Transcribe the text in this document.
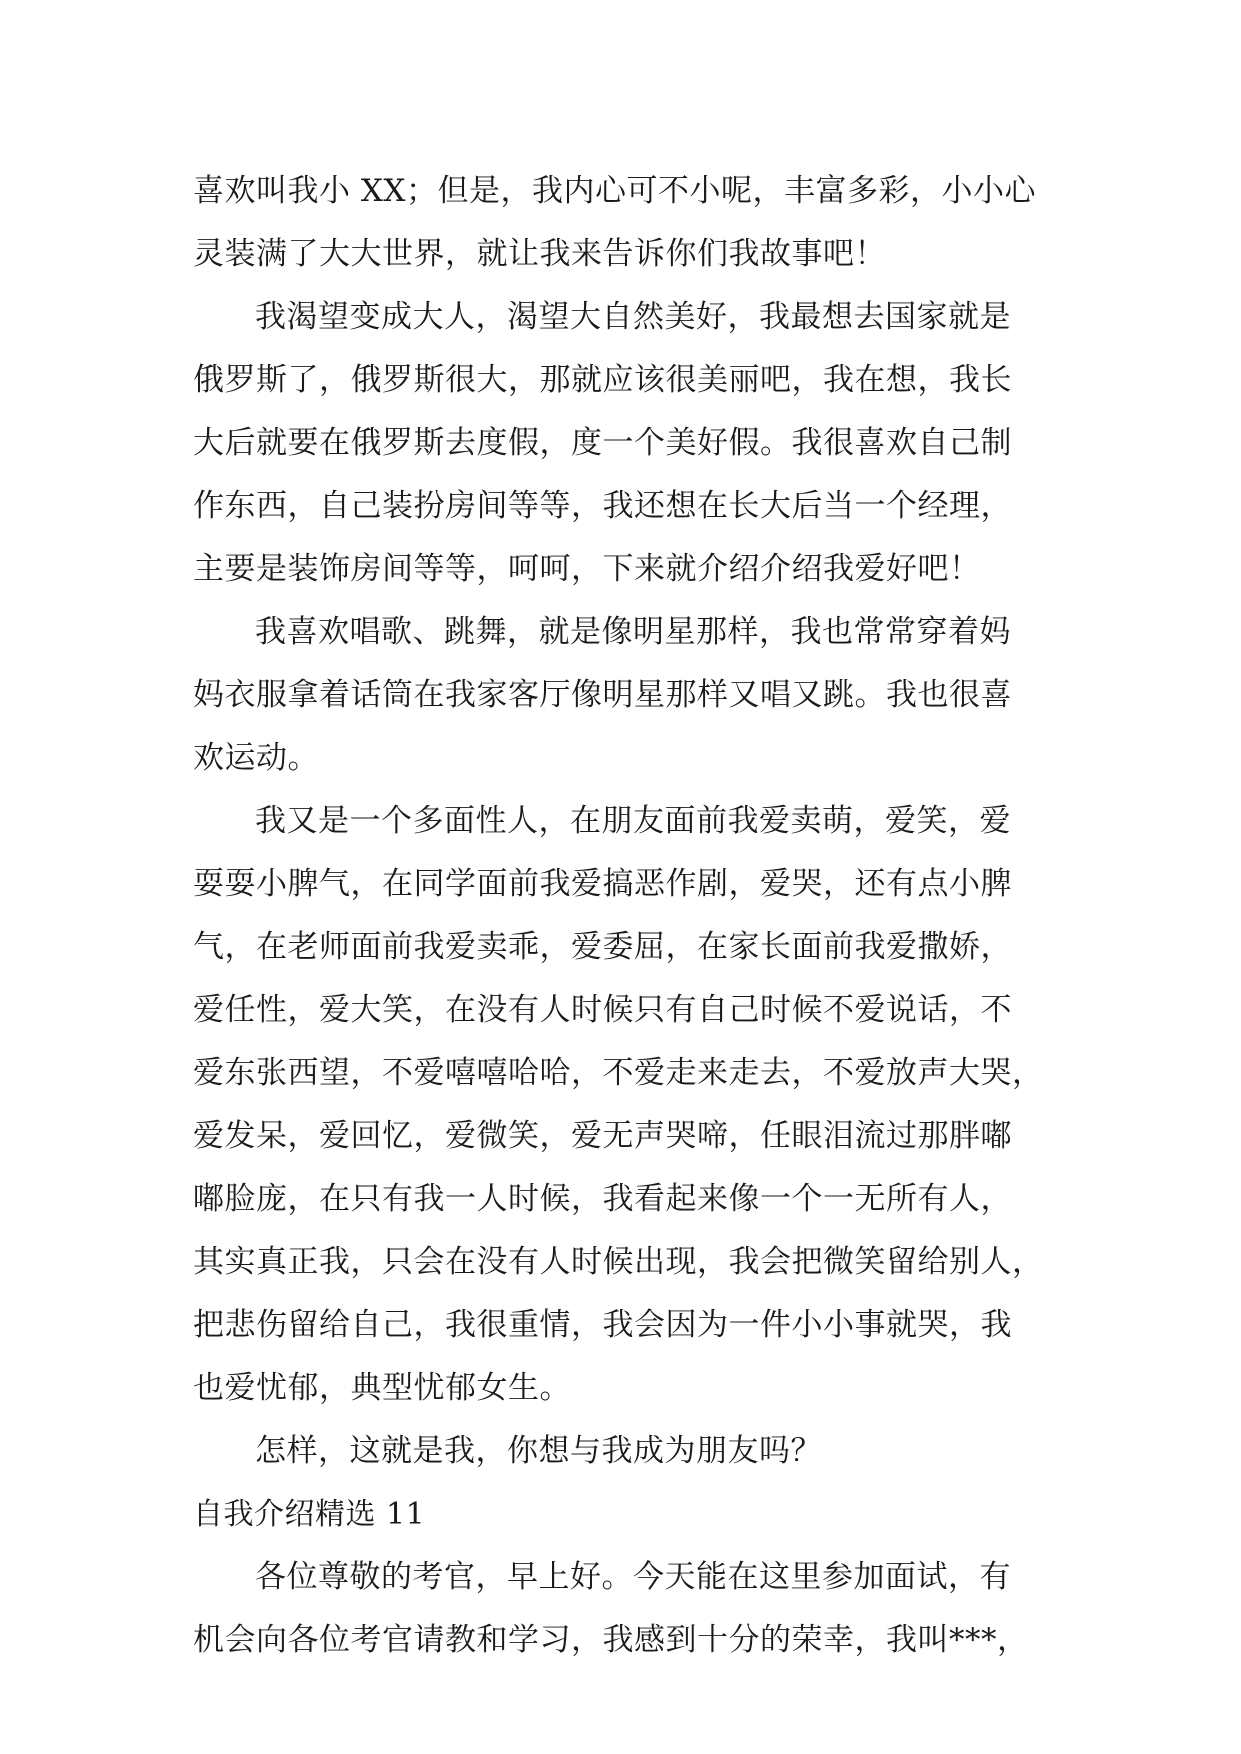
喜欢叫我小 XX；但是，我内心可不小呢，丰富多彩，小小心
灵装满了大大世界，就让我来告诉你们我故事吧！
我渴望变成大人，渴望大自然美好，我最想去国家就是
俄罗斯了，俄罗斯很大，那就应该很美丽吧，我在想，我长
大后就要在俄罗斯去度假，度一个美好假。我很喜欢自己制
作东西，自己装扮房间等等，我还想在长大后当一个经理，
主要是装饰房间等等，呵呵，下来就介绍介绍我爱好吧！
我喜欢唱歌、跳舞，就是像明星那样，我也常常穿着妈
妈衣服拿着话筒在我家客厅像明星那样又唱又跳。我也很喜
欢运动。
我又是一个多面性人，在朋友面前我爱卖萌，爱笑，爱
耍耍小脾气，在同学面前我爱搞恶作剧，爱哭，还有点小脾
气，在老师面前我爱卖乖，爱委屈，在家长面前我爱撒娇，
爱任性，爱大笑，在没有人时候只有自己时候不爱说话，不
爱东张西望，不爱嘻嘻哈哈，不爱走来走去，不爱放声大哭，
爱发呆，爱回忆，爱微笑，爱无声哭啼，任眼泪流过那胖嘟
嘟脸庞，在只有我一人时候，我看起来像一个一无所有人，
其实真正我，只会在没有人时候出现，我会把微笑留给别人，
把悲伤留给自己，我很重情，我会因为一件小小事就哭，我
也爱忧郁，典型忧郁女生。
怎样，这就是我，你想与我成为朋友吗？
自我介绍精选 11
各位尊敬的考官，早上好。今天能在这里参加面试，有
机会向各位考官请教和学习，我感到十分的荣幸，我叫***，
